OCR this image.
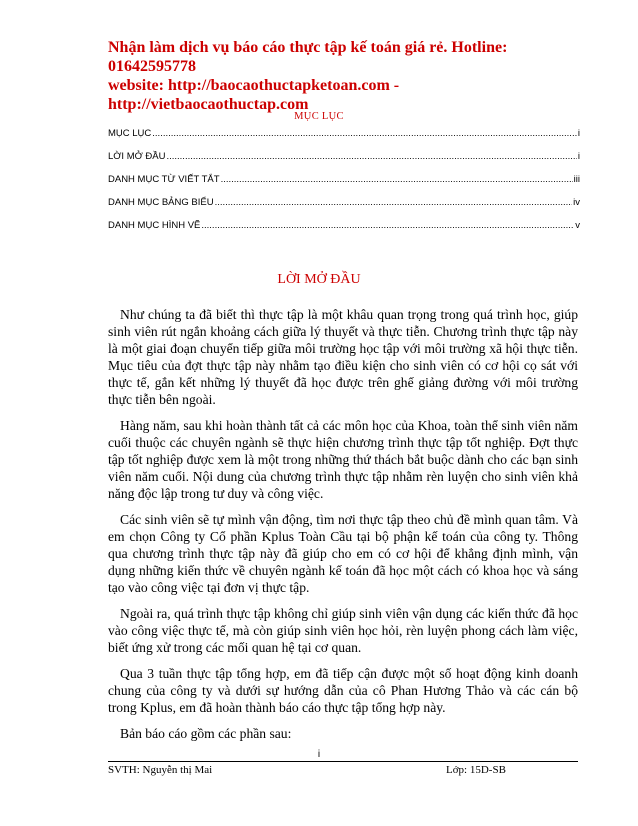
Nhận làm dịch vụ báo cáo thực tập kế toán giá rẻ. Hotline: 01642595778
website: http://baocaothuctapketoan.com - http://vietbaocaothuctap.com
MỤC LỤC
MỤC LỤC .....	i
LỜI MỞ ĐẦU .....	i
DANH MỤC TỪ VIẾT TẮT .....	iii
DANH MỤC BẢNG BIỂU .....	iv
DANH MỤC HÌNH VẼ .....	v
LỜI MỞ ĐẦU

Như chúng ta đã biết thì thực tập là một khâu quan trọng trong quá trình học, giúp sinh viên rút ngắn khoảng cách giữa lý thuyết và thực tiễn. Chương trình thực tập này là một giai đoạn chuyển tiếp giữa môi trường học tập với môi trường xã hội thực tiễn. Mục tiêu của đợt thực tập này nhằm tạo điều kiện cho sinh viên có cơ hội cọ sát với thực tế, gắn kết những lý thuyết đã học được trên ghế giảng đường với môi trường thực tiễn bên ngoài.

Hàng năm, sau khi hoàn thành tất cả các môn học của Khoa, toàn thể sinh viên năm cuối thuộc các chuyên ngành sẽ thực hiện chương trình thực tập tốt nghiệp. Đợt thực tập tốt nghiệp được xem là một trong những thứ thách bắt buộc dành cho các bạn sinh viên năm cuối. Nội dung của chương trình thực tập nhằm rèn luyện cho sinh viên khả năng độc lập trong tư duy và công việc.

Các sinh viên sẽ tự mình vận động, tìm nơi thực tập theo chủ đề mình quan tâm. Và em chọn Công ty Cổ phần Kplus Toàn Cầu tại bộ phận kế toán của công ty. Thông qua chương trình thực tập này đã giúp cho em có cơ hội để khẳng định mình, vận dụng những kiến thức về chuyên ngành kế toán đã học một cách có khoa học và sáng tạo vào công việc tại đơn vị thực tập.

Ngoài ra, quá trình thực tập không chỉ giúp sinh viên vận dụng các kiến thức đã học vào công việc thực tế, mà còn giúp sinh viên học hỏi, rèn luyện phong cách làm việc, biết ứng xử trong các mối quan hệ tại cơ quan.

Qua 3 tuần thực tập tổng hợp, em đã tiếp cận được một số hoạt động kinh doanh chung của công ty và dưới sự hướng dẫn của cô Phan Hương Thảo và các cán bộ trong Kplus, em đã hoàn thành báo cáo thực tập tổng hợp này.

Bản báo cáo gồm các phần sau:

i
SVTH: Nguyễn thị Mai	Lớp: 15D-SB
